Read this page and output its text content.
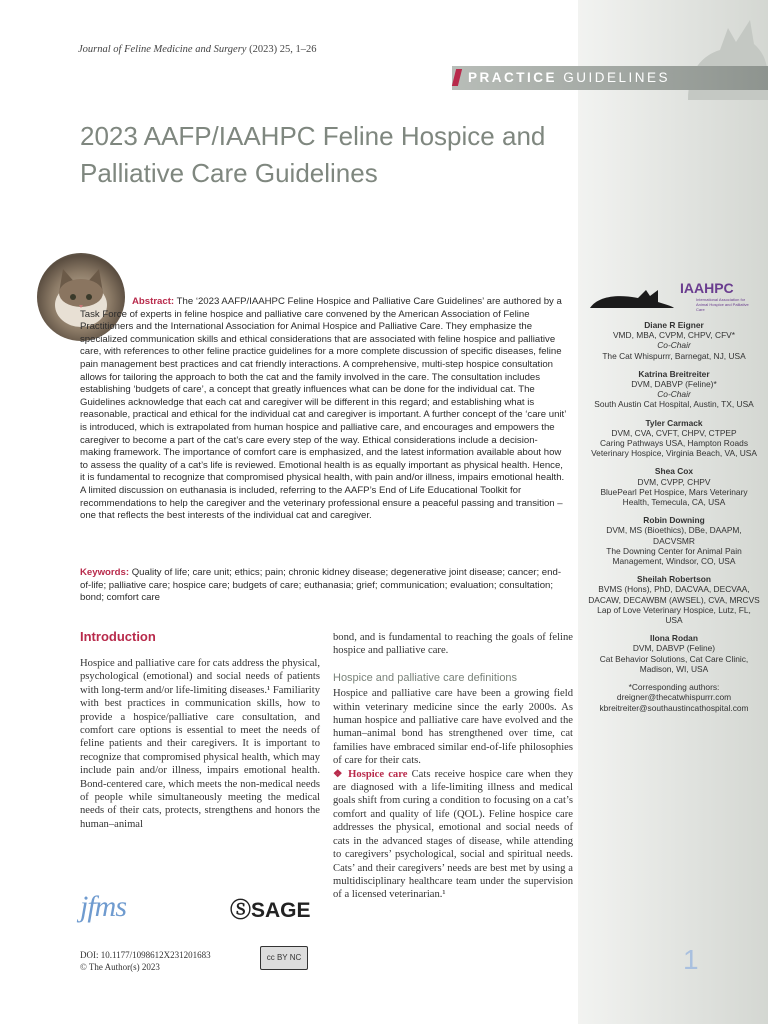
Journal of Feline Medicine and Surgery (2023) 25, 1–26
PRACTICE GUIDELINES
2023 AAFP/IAAHPC Feline Hospice and Palliative Care Guidelines
Abstract: The ‘2023 AAFP/IAAHPC Feline Hospice and Palliative Care Guidelines’ are authored by a Task Force of experts in feline hospice and palliative care convened by the American Association of Feline Practitioners and the International Association for Animal Hospice and Palliative Care. They emphasize the specialized communication skills and ethical considerations that are associated with feline hospice and palliative care, with references to other feline practice guidelines for a more complete discussion of specific diseases, feline pain management best practices and cat friendly interactions. A comprehensive, multi-step hospice consultation allows for tailoring the approach to both the cat and the family involved in the care. The consultation includes establishing ‘budgets of care’, a concept that greatly influences what can be done for the individual cat. The Guidelines acknowledge that each cat and caregiver will be different in this regard; and establishing what is reasonable, practical and ethical for the individual cat and caregiver is important. A further concept of the ‘care unit’ is introduced, which is extrapolated from human hospice and palliative care, and encourages and empowers the caregiver to become a part of the cat’s care every step of the way. Ethical considerations include a decision-making framework. The importance of comfort care is emphasized, and the latest information available about how to assess the quality of a cat’s life is reviewed. Emotional health is as equally important as physical health. Hence, it is fundamental to recognize that compromised physical health, with pain and/or illness, impairs emotional health. A limited discussion on euthanasia is included, referring to the AAFP’s End of Life Educational Toolkit for recommendations to help the caregiver and the veterinary professional ensure a peaceful passing and transition – one that reflects the best interests of the individual cat and caregiver.
Keywords: Quality of life; care unit; ethics; pain; chronic kidney disease; degenerative joint disease; cancer; end-of-life; palliative care; hospice care; budgets of care; euthanasia; grief; communication; evaluation; consultation; bond; comfort care
Introduction
Hospice and palliative care for cats address the physical, psychological (emotional) and social needs of patients with long-term and/or life-limiting diseases.¹ Familiarity with best practices in communication skills, how to provide a hospice/palliative care consultation, and comfort care options is essential to meet the needs of feline patients and their caregivers. It is important to recognize that compromised physical health, which may include pain and/or illness, impairs emotional health. Bond-centered care, which meets the non-medical needs of people while simultaneously meeting the medical needs of their cats, protects, strengthens and honors the human–animal
bond, and is fundamental to reaching the goals of feline hospice and palliative care.
Hospice and palliative care definitions
Hospice and palliative care have been a growing field within veterinary medicine since the early 2000s. As human hospice and palliative care have evolved and the human–animal bond has strengthened over time, cat families have embraced similar end-of-life philosophies of care for their cats.
❖ Hospice care Cats receive hospice care when they are diagnosed with a life-limiting illness and medical goals shift from curing a condition to focusing on a cat’s comfort and quality of life (QOL). Feline hospice care addresses the physical, emotional and social needs of cats in the advanced stages of disease, while attending to caregivers’ psychological, social and spiritual needs. Cats’ and their caregivers’ needs are best met by using a multidisciplinary healthcare team under the supervision of a licensed veterinarian.¹
jfms	ⓈSAGE
DOI: 10.1177/1098612X231201683
© The Author(s) 2023
cc BY NC	1
IAAHPC
International Association for Animal Hospice and Palliative Care
Diane R Eigner
VMD, MBA, CVPM, CHPV, CFV*
Co-Chair
The Cat Whispurrr, Barnegat, NJ, USA
Katrina Breitreiter
DVM, DABVP (Feline)*
Co-Chair
South Austin Cat Hospital, Austin, TX, USA
Tyler Carmack
DVM, CVA, CVFT, CHPV, CTPEP
Caring Pathways USA, Hampton Roads Veterinary Hospice, Virginia Beach, VA, USA
Shea Cox
DVM, CVPP, CHPV
BluePearl Pet Hospice, Mars Veterinary Health, Temecula, CA, USA
Robin Downing
DVM, MS (Bioethics), DBe, DAAPM, DACVSMR
The Downing Center for Animal Pain Management, Windsor, CO, USA
Sheilah Robertson
BVMS (Hons), PhD, DACVAA, DECVAA, DACAW, DECAWBM (AWSEL), CVA, MRCVS
Lap of Love Veterinary Hospice, Lutz, FL, USA
Ilona Rodan
DVM, DABVP (Feline)
Cat Behavior Solutions, Cat Care Clinic, Madison, WI, USA
*Corresponding authors: dreigner@thecatwhispurrr.com kbreitreiter@southaustincathospital.com
